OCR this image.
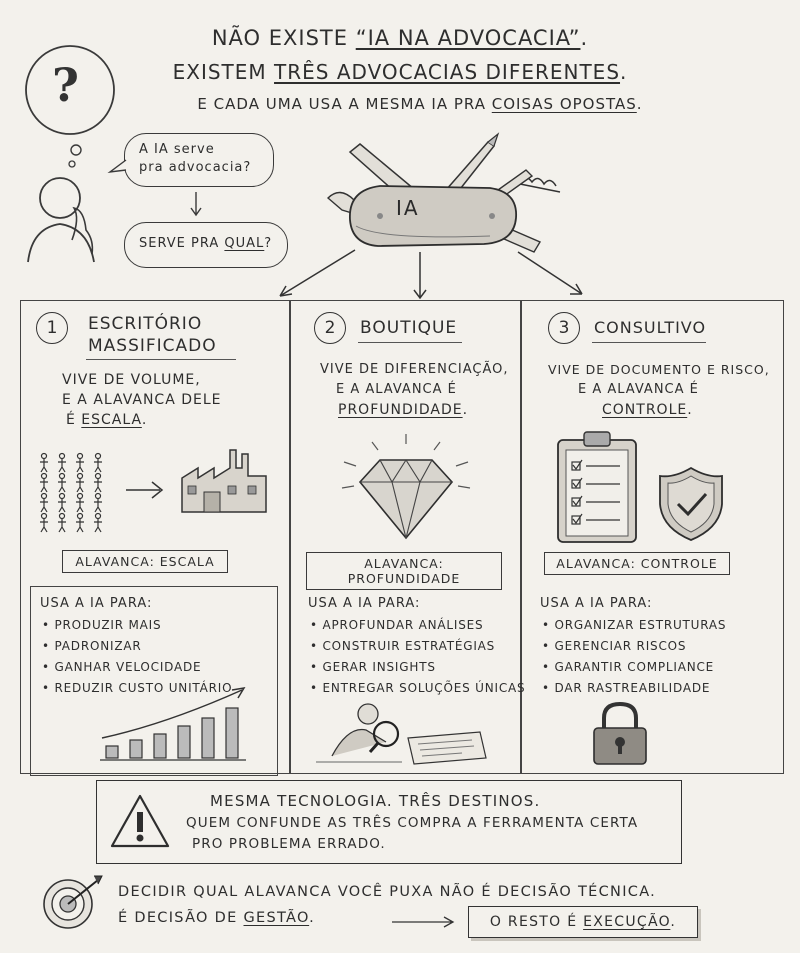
NÃO EXISTE “IA NA ADVOCACIA”.
EXISTEM TRÊS ADVOCACIAS DIFERENTES.
E CADA UMA USA A MESMA IA PRA COISAS OPOSTAS.
?
A IA serve
pra advocacia?
SERVE PRA QUAL?
IA
1	ESCRITÓRIO
MASSIFICADO
VIVE DE VOLUME,
E A ALAVANCA DELE
É ESCALA.
ALAVANCA: ESCALA
USA A IA PARA:
• PRODUZIR MAIS
• PADRONIZAR
• GANHAR VELOCIDADE
• REDUZIR CUSTO UNITÁRIO
2	BOUTIQUE
VIVE DE DIFERENCIAÇÃO,
E A ALAVANCA É
PROFUNDIDADE.
ALAVANCA: PROFUNDIDADE
USA A IA PARA:
• APROFUNDAR ANÁLISES
• CONSTRUIR ESTRATÉGIAS
• GERAR INSIGHTS
• ENTREGAR SOLUÇÕES ÚNICAS
3	CONSULTIVO
VIVE DE DOCUMENTO E RISCO,
E A ALAVANCA É
CONTROLE.
ALAVANCA: CONTROLE
USA A IA PARA:
• ORGANIZAR ESTRUTURAS
• GERENCIAR RISCOS
• GARANTIR COMPLIANCE
• DAR RASTREABILIDADE
MESMA TECNOLOGIA. TRÊS DESTINOS.
QUEM CONFUNDE AS TRÊS COMPRA A FERRAMENTA CERTA
PRO PROBLEMA ERRADO.
DECIDIR QUAL ALAVANCA VOCÊ PUXA NÃO É DECISÃO TÉCNICA.
É DECISÃO DE GESTÃO.	O RESTO É EXECUÇÃO.
